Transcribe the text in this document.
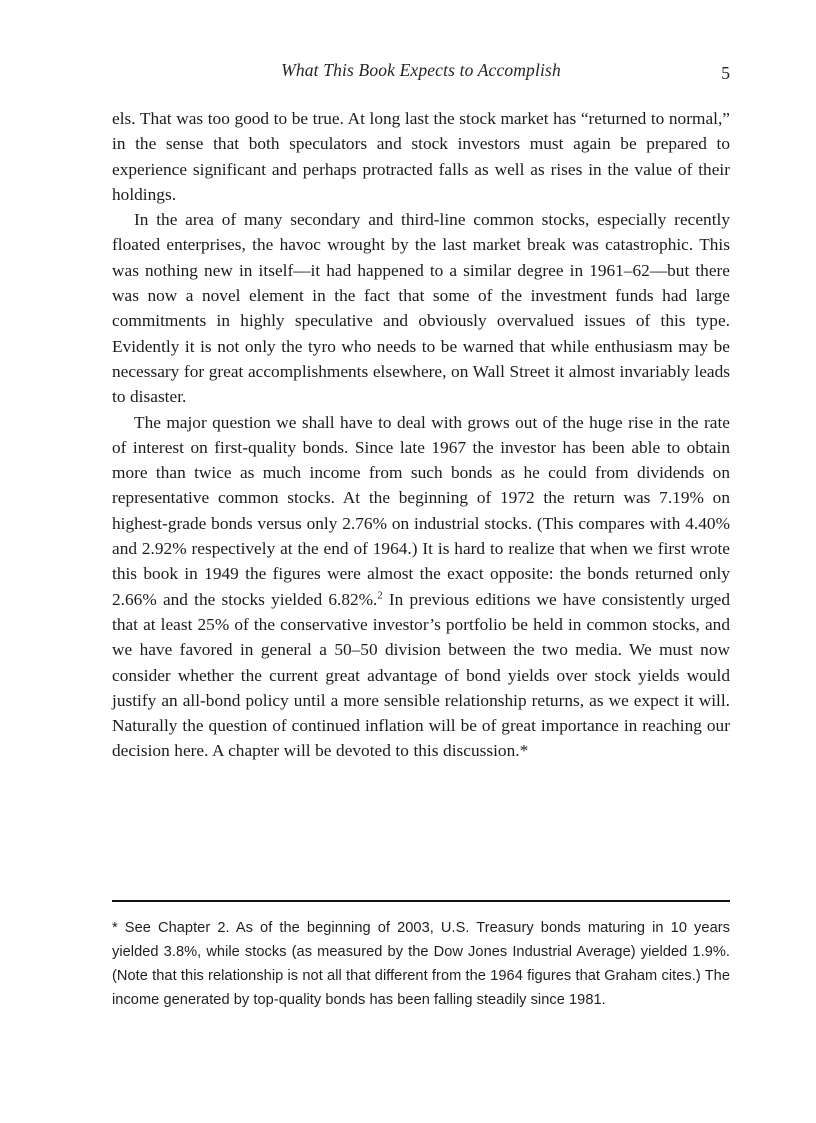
What This Book Expects to Accomplish	5

els. That was too good to be true. At long last the stock market has “returned to normal,” in the sense that both speculators and stock investors must again be prepared to experience significant and perhaps protracted falls as well as rises in the value of their holdings.

In the area of many secondary and third-line common stocks, especially recently floated enterprises, the havoc wrought by the last market break was catastrophic. This was nothing new in itself—it had happened to a similar degree in 1961–62—but there was now a novel element in the fact that some of the investment funds had large commitments in highly speculative and obviously overvalued issues of this type. Evidently it is not only the tyro who needs to be warned that while enthusiasm may be necessary for great accomplishments elsewhere, on Wall Street it almost invariably leads to disaster.

The major question we shall have to deal with grows out of the huge rise in the rate of interest on first-quality bonds. Since late 1967 the investor has been able to obtain more than twice as much income from such bonds as he could from dividends on representative common stocks. At the beginning of 1972 the return was 7.19% on highest-grade bonds versus only 2.76% on industrial stocks. (This compares with 4.40% and 2.92% respectively at the end of 1964.) It is hard to realize that when we first wrote this book in 1949 the figures were almost the exact opposite: the bonds returned only 2.66% and the stocks yielded 6.82%.$^2$ In previous editions we have consistently urged that at least 25% of the conservative investor’s portfolio be held in common stocks, and we have favored in general a 50–50 division between the two media. We must now consider whether the current great advantage of bond yields over stock yields would justify an all-bond policy until a more sensible relationship returns, as we expect it will. Naturally the question of continued inflation will be of great importance in reaching our decision here. A chapter will be devoted to this discussion.*

* See Chapter 2. As of the beginning of 2003, U.S. Treasury bonds maturing in 10 years yielded 3.8%, while stocks (as measured by the Dow Jones Industrial Average) yielded 1.9%. (Note that this relationship is not all that different from the 1964 figures that Graham cites.) The income generated by top-quality bonds has been falling steadily since 1981.
